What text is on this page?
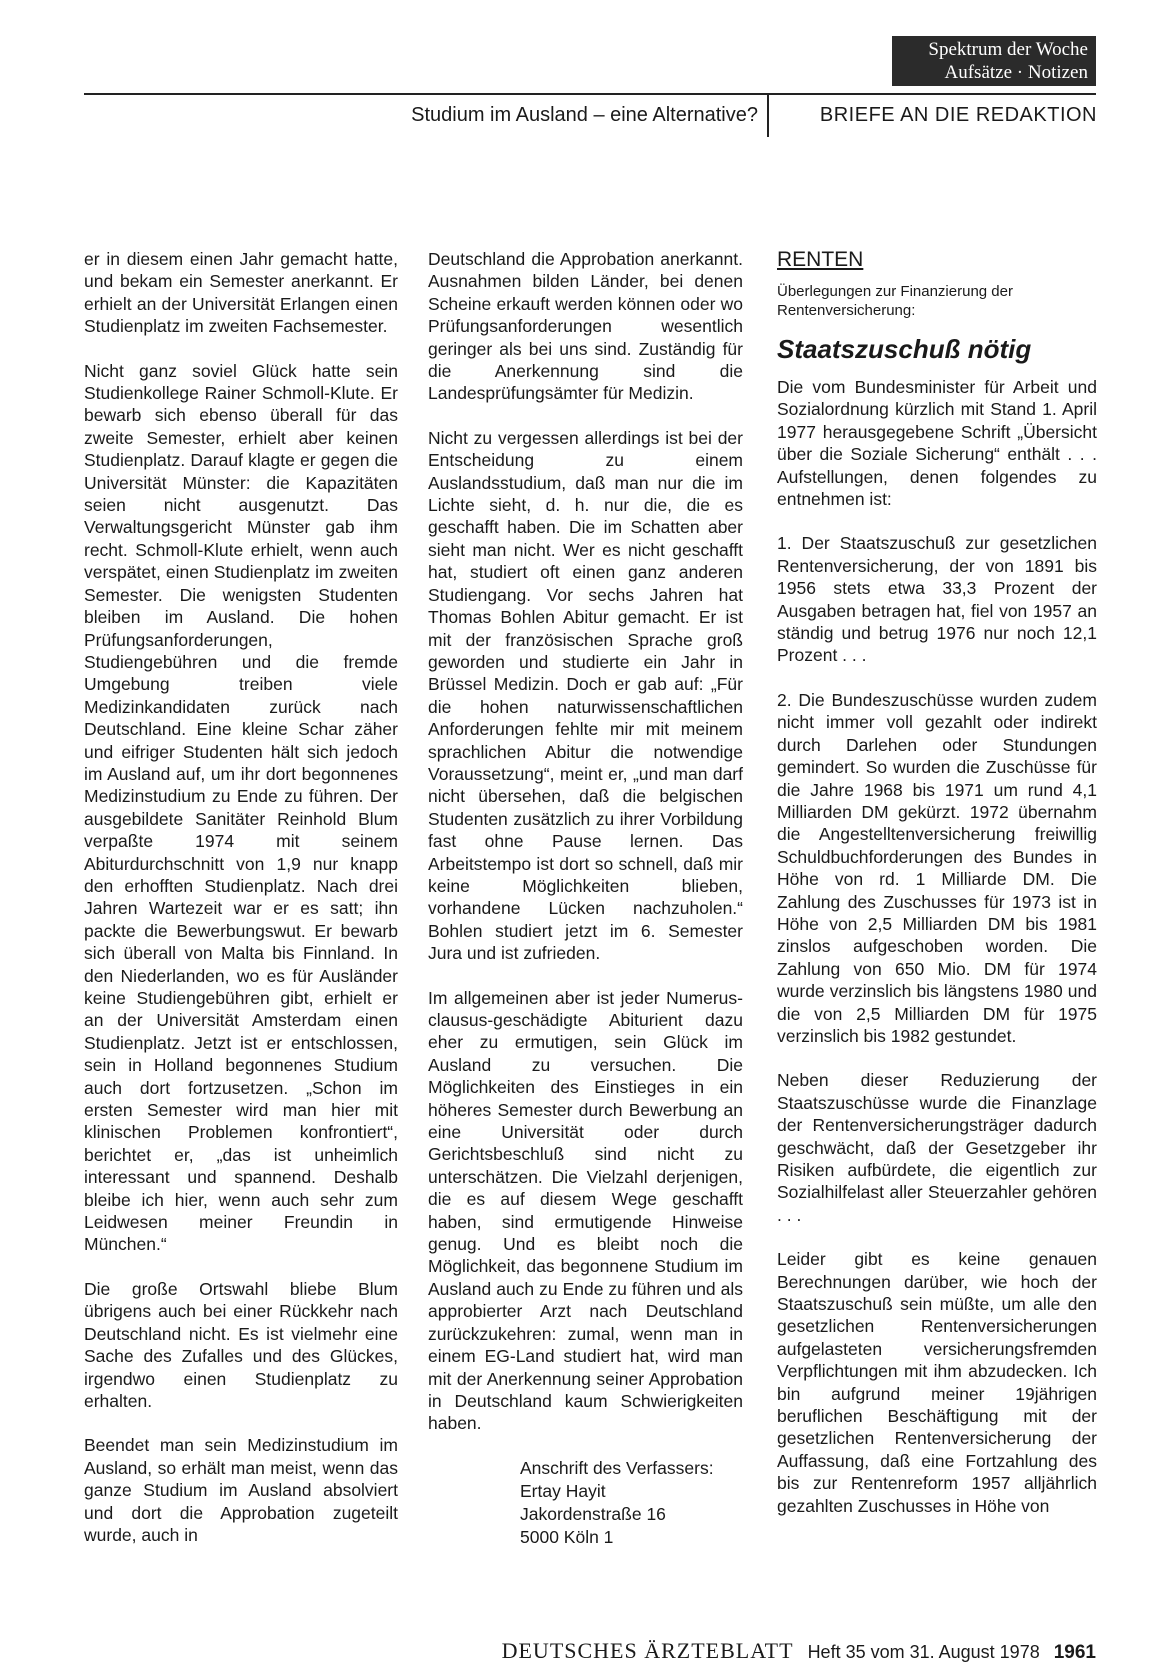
Spektrum der Woche
Aufsätze · Notizen
Studium im Ausland – eine Alternative?	BRIEFE AN DIE REDAKTION

er in diesem einen Jahr gemacht hatte, und bekam ein Semester anerkannt. Er erhielt an der Universität Erlangen einen Studienplatz im zweiten Fachsemester.

Nicht ganz soviel Glück hatte sein Studienkollege Rainer Schmoll-Klute. Er bewarb sich ebenso überall für das zweite Semester, erhielt aber keinen Studienplatz. Darauf klagte er gegen die Universität Münster: die Kapazitäten seien nicht ausgenutzt. Das Verwaltungsgericht Münster gab ihm recht. Schmoll-Klute erhielt, wenn auch verspätet, einen Studienplatz im zweiten Semester. Die wenigsten Studenten bleiben im Ausland. Die hohen Prüfungsanforderungen, Studiengebühren und die fremde Umgebung treiben viele Medizinkandidaten zurück nach Deutschland. Eine kleine Schar zäher und eifriger Studenten hält sich jedoch im Ausland auf, um ihr dort begonnenes Medizinstudium zu Ende zu führen. Der ausgebildete Sanitäter Reinhold Blum verpaßte 1974 mit seinem Abiturdurchschnitt von 1,9 nur knapp den erhofften Studienplatz. Nach drei Jahren Wartezeit war er es satt; ihn packte die Bewerbungswut. Er bewarb sich überall von Malta bis Finnland. In den Niederlanden, wo es für Ausländer keine Studiengebühren gibt, erhielt er an der Universität Amsterdam einen Studienplatz. Jetzt ist er entschlossen, sein in Holland begonnenes Studium auch dort fortzusetzen. „Schon im ersten Semester wird man hier mit klinischen Problemen konfrontiert“, berichtet er, „das ist unheimlich interessant und spannend. Deshalb bleibe ich hier, wenn auch sehr zum Leidwesen meiner Freundin in München.“

Die große Ortswahl bliebe Blum übrigens auch bei einer Rückkehr nach Deutschland nicht. Es ist vielmehr eine Sache des Zufalles und des Glückes, irgendwo einen Studienplatz zu erhalten.

Beendet man sein Medizinstudium im Ausland, so erhält man meist, wenn das ganze Studium im Ausland absolviert und dort die Approbation zugeteilt wurde, auch in

Deutschland die Approbation anerkannt. Ausnahmen bilden Länder, bei denen Scheine erkauft werden können oder wo Prüfungsanforderungen wesentlich geringer als bei uns sind. Zuständig für die Anerkennung sind die Landesprüfungsämter für Medizin.

Nicht zu vergessen allerdings ist bei der Entscheidung zu einem Auslandsstudium, daß man nur die im Lichte sieht, d. h. nur die, die es geschafft haben. Die im Schatten aber sieht man nicht. Wer es nicht geschafft hat, studiert oft einen ganz anderen Studiengang. Vor sechs Jahren hat Thomas Bohlen Abitur gemacht. Er ist mit der französischen Sprache groß geworden und studierte ein Jahr in Brüssel Medizin. Doch er gab auf: „Für die hohen naturwissenschaftlichen Anforderungen fehlte mir mit meinem sprachlichen Abitur die notwendige Voraussetzung“, meint er, „und man darf nicht übersehen, daß die belgischen Studenten zusätzlich zu ihrer Vorbildung fast ohne Pause lernen. Das Arbeitstempo ist dort so schnell, daß mir keine Möglichkeiten blieben, vorhandene Lücken nachzuholen.“ Bohlen studiert jetzt im 6. Semester Jura und ist zufrieden.

Im allgemeinen aber ist jeder Numerus-clausus-geschädigte Abiturient dazu eher zu ermutigen, sein Glück im Ausland zu versuchen. Die Möglichkeiten des Einstieges in ein höheres Semester durch Bewerbung an eine Universität oder durch Gerichtsbeschluß sind nicht zu unterschätzen. Die Vielzahl derjenigen, die es auf diesem Wege geschafft haben, sind ermutigende Hinweise genug. Und es bleibt noch die Möglichkeit, das begonnene Studium im Ausland auch zu Ende zu führen und als approbierter Arzt nach Deutschland zurückzukehren: zumal, wenn man in einem EG-Land studiert hat, wird man mit der Anerkennung seiner Approbation in Deutschland kaum Schwierigkeiten haben.

Anschrift des Verfassers:
Ertay Hayit
Jakordenstraße 16
5000 Köln 1
RENTEN
Überlegungen zur Finanzierung der Rentenversicherung:
Staatszuschuß nötig

Die vom Bundesminister für Arbeit und Sozialordnung kürzlich mit Stand 1. April 1977 herausgegebene Schrift „Übersicht über die Soziale Sicherung“ enthält . . . Aufstellungen, denen folgendes zu entnehmen ist:

1. Der Staatszuschuß zur gesetzlichen Rentenversicherung, der von 1891 bis 1956 stets etwa 33,3 Prozent der Ausgaben betragen hat, fiel von 1957 an ständig und betrug 1976 nur noch 12,1 Prozent . . .

2. Die Bundeszuschüsse wurden zudem nicht immer voll gezahlt oder indirekt durch Darlehen oder Stundungen gemindert. So wurden die Zuschüsse für die Jahre 1968 bis 1971 um rund 4,1 Milliarden DM gekürzt. 1972 übernahm die Angestelltenversicherung freiwillig Schuldbuchforderungen des Bundes in Höhe von rd. 1 Milliarde DM. Die Zahlung des Zuschusses für 1973 ist in Höhe von 2,5 Milliarden DM bis 1981 zinslos aufgeschoben worden. Die Zahlung von 650 Mio. DM für 1974 wurde verzinslich bis längstens 1980 und die von 2,5 Milliarden DM für 1975 verzinslich bis 1982 gestundet.

Neben dieser Reduzierung der Staatszuschüsse wurde die Finanzlage der Rentenversicherungsträger dadurch geschwächt, daß der Gesetzgeber ihr Risiken aufbürdete, die eigentlich zur Sozialhilfelast aller Steuerzahler gehören . . .

Leider gibt es keine genauen Berechnungen darüber, wie hoch der Staatszuschuß sein müßte, um alle den gesetzlichen Rentenversicherungen aufgelasteten versicherungsfremden Verpflichtungen mit ihm abzudecken. Ich bin aufgrund meiner 19jährigen beruflichen Beschäftigung mit der gesetzlichen Rentenversicherung der Auffassung, daß eine Fortzahlung des bis zur Rentenreform 1957 alljährlich gezahlten Zuschusses in Höhe von

DEUTSCHES ÄRZTEBLATT Heft 35 vom 31. August 1978 1961
